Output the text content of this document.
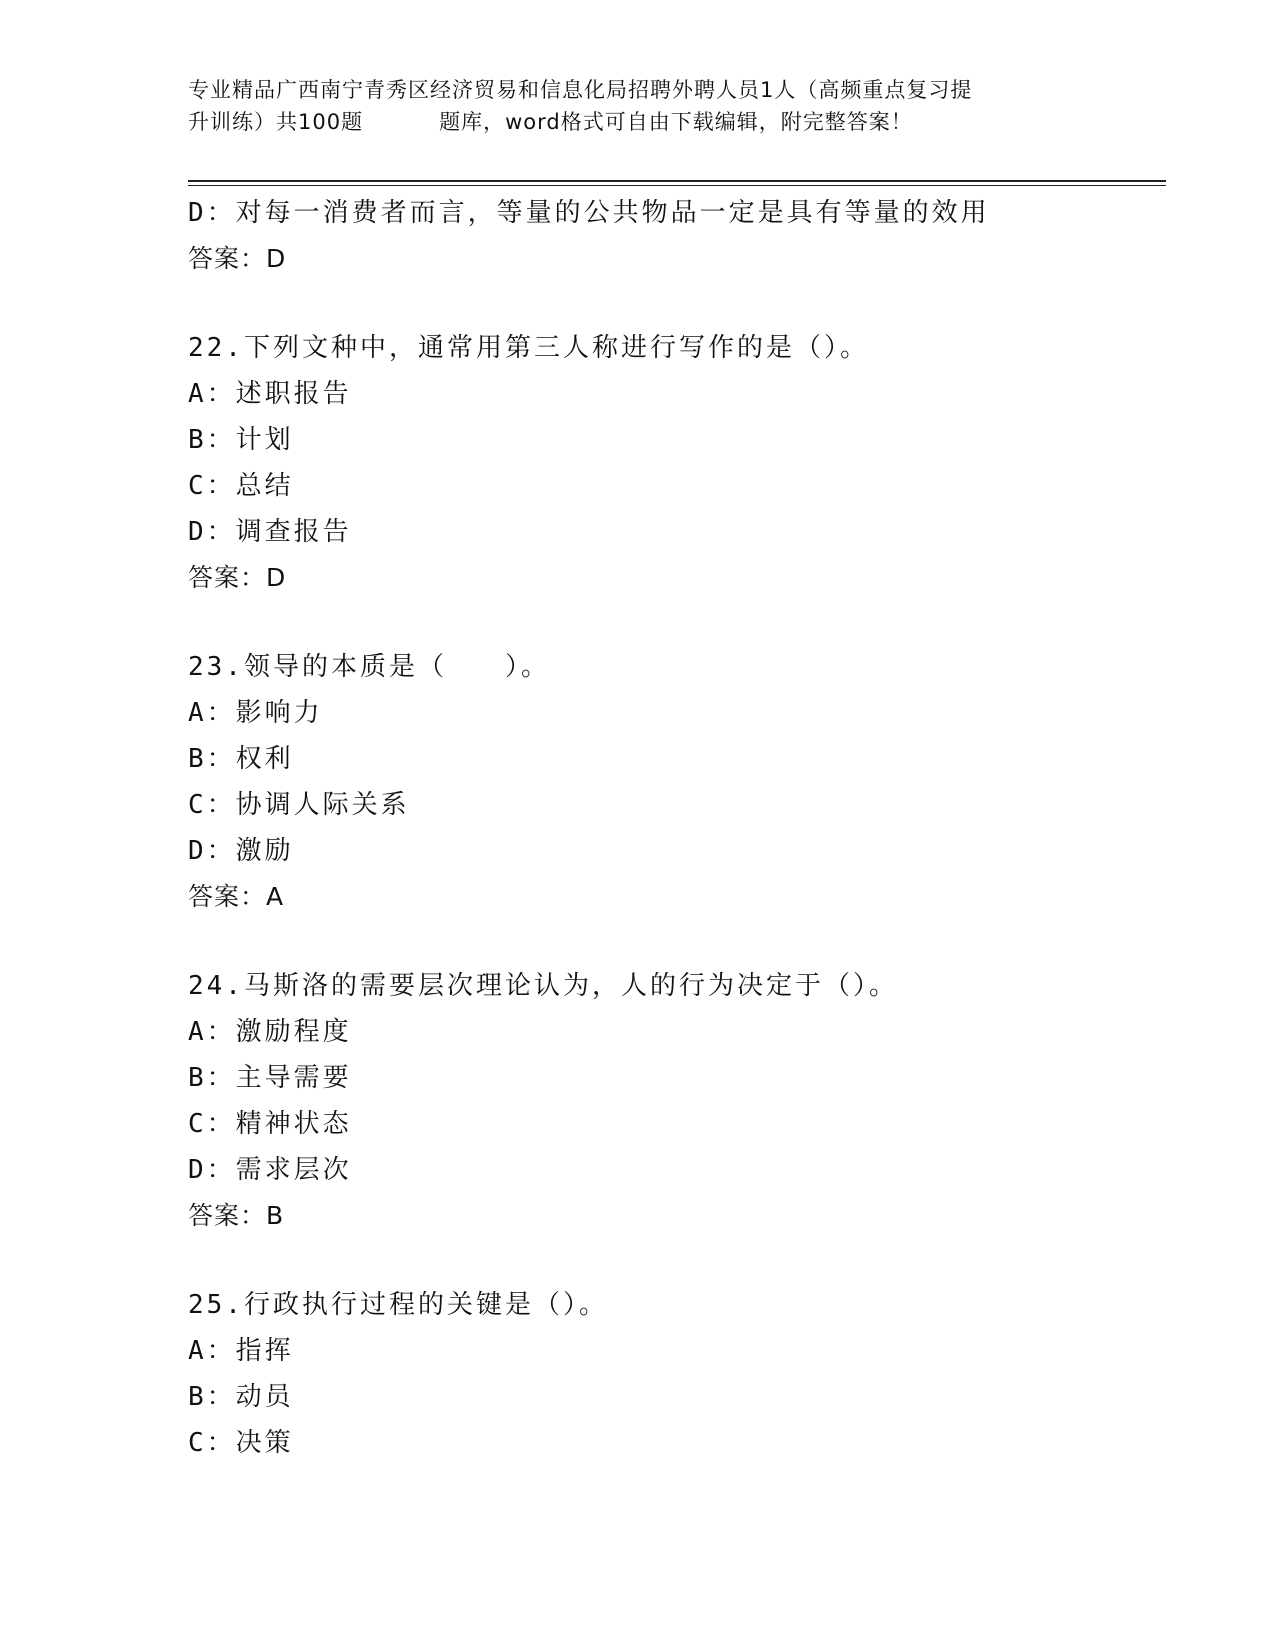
专业精品广西南宁青秀区经济贸易和信息化局招聘外聘人员1人（高频重点复习提
升训练）共100题	题库，word格式可自由下载编辑，附完整答案！
D：对每一消费者而言，等量的公共物品一定是具有等量的效用
答案：D
22.下列文种中，通常用第三人称进行写作的是（）。
A：述职报告
B：计划
C：总结
D：调查报告
答案：D
23.领导的本质是（　　）。
A：影响力
B：权利
C：协调人际关系
D：激励
答案：A
24.马斯洛的需要层次理论认为，人的行为决定于（）。
A：激励程度
B：主导需要
C：精神状态
D：需求层次
答案：B
25.行政执行过程的关键是（）。
A：指挥
B：动员
C：决策
